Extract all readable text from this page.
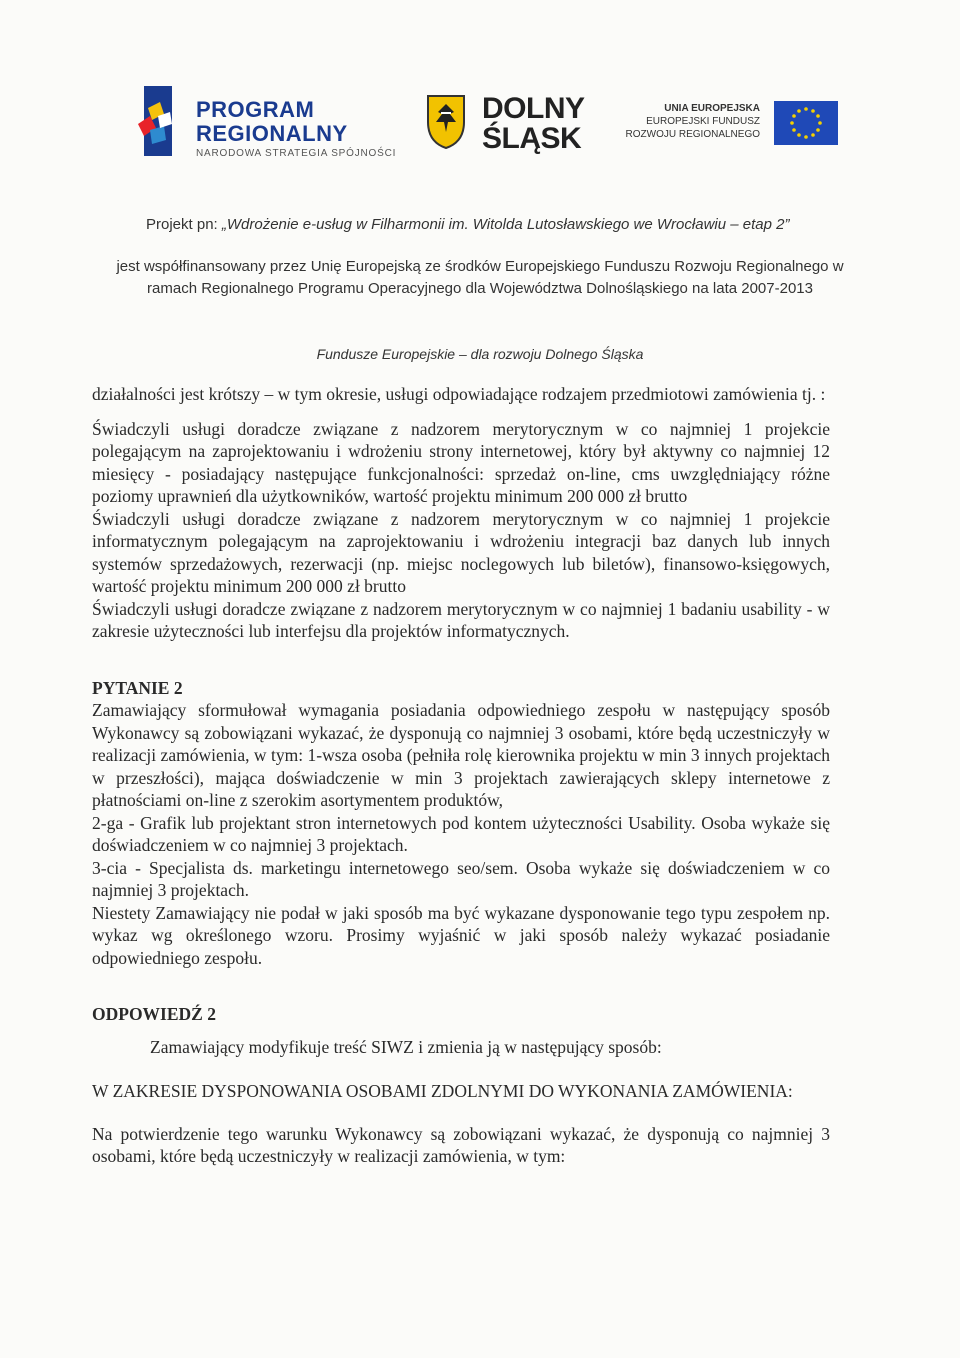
PROGRAM
REGIONALNY
NARODOWA STRATEGIA SPÓJNOŚCI
DOLNY
ŚLĄSK
UNIA EUROPEJSKA
EUROPEJSKI FUNDUSZ
ROZWOJU REGIONALNEGO
Projekt pn: „Wdrożenie e-usług w Filharmonii im. Witolda Lutosławskiego we Wrocławiu – etap 2”
jest współfinansowany przez Unię Europejską ze środków Europejskiego Funduszu Rozwoju Regionalnego w
ramach Regionalnego Programu Operacyjnego dla Województwa Dolnośląskiego na lata 2007-2013
Fundusze Europejskie – dla rozwoju Dolnego Śląska

działalności jest krótszy – w tym okresie, usługi odpowiadające rodzajem przedmiotowi zamówienia tj. :

Świadczyli usługi doradcze związane z nadzorem merytorycznym w co najmniej 1 projekcie polegającym na zaprojektowaniu i wdrożeniu strony internetowej, który był aktywny co najmniej 12 miesięcy - posiadający następujące funkcjonalności: sprzedaż on-line, cms uwzględniający różne poziomy uprawnień dla użytkowników, wartość projektu minimum 200 000 zł brutto

Świadczyli usługi doradcze związane z nadzorem merytorycznym w co najmniej 1 projekcie informatycznym polegającym na zaprojektowaniu i wdrożeniu integracji baz danych lub innych systemów sprzedażowych, rezerwacji (np. miejsc noclegowych lub biletów), finansowo-księgowych, wartość projektu minimum 200 000 zł brutto

Świadczyli usługi doradcze związane z nadzorem merytorycznym w co najmniej 1 badaniu usability - w zakresie użyteczności lub interfejsu dla projektów informatycznych.

PYTANIE 2

Zamawiający sformułował wymagania posiadania odpowiedniego zespołu w następujący sposób Wykonawcy są zobowiązani wykazać, że dysponują co najmniej 3 osobami, które będą uczestniczyły w realizacji zamówienia, w tym: 1-wsza osoba (pełniła rolę kierownika projektu w min 3 innych projektach w przeszłości), mająca doświadczenie w min 3 projektach zawierających sklepy internetowe z płatnościami on-line z szerokim asortymentem produktów,

2-ga - Grafik lub projektant stron internetowych pod kontem użyteczności Usability. Osoba wykaże się doświadczeniem w co najmniej 3 projektach.

3-cia - Specjalista ds. marketingu internetowego seo/sem. Osoba wykaże się doświadczeniem w co najmniej 3 projektach.

Niestety Zamawiający nie podał w jaki sposób ma być wykazane dysponowanie tego typu zespołem np. wykaz wg określonego wzoru. Prosimy wyjaśnić w jaki sposób należy wykazać posiadanie odpowiedniego zespołu.

ODPOWIEDŹ 2

Zamawiający modyfikuje treść SIWZ i zmienia ją w następujący sposób:

W ZAKRESIE DYSPONOWANIA OSOBAMI ZDOLNYMI DO WYKONANIA ZAMÓWIENIA:

Na potwierdzenie tego warunku Wykonawcy są zobowiązani wykazać, że dysponują co najmniej 3 osobami, które będą uczestniczyły w realizacji zamówienia, w tym:
